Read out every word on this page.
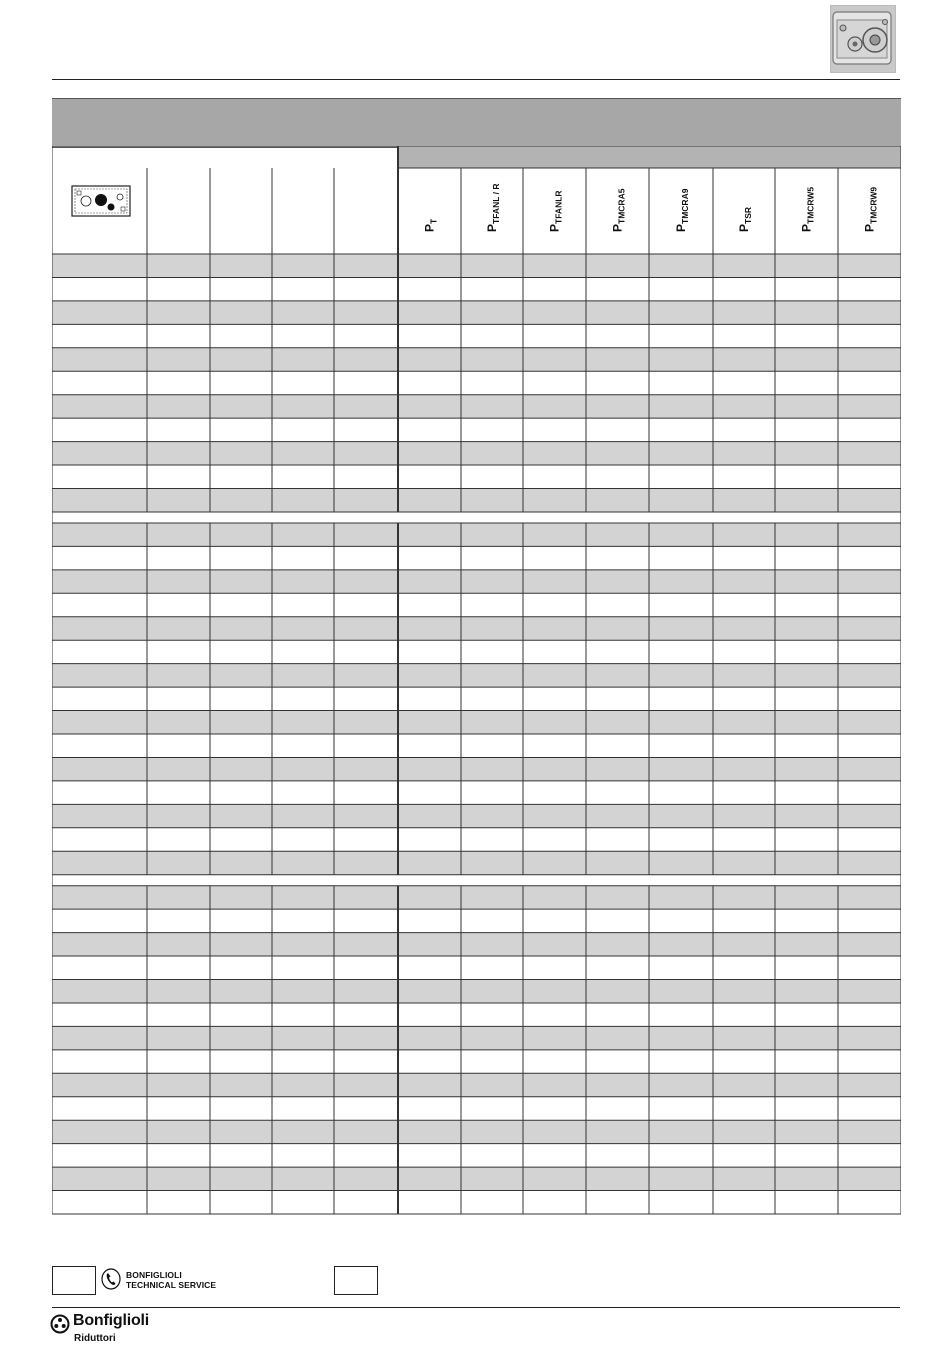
PT
PTFANL / R
PTFANLR
PTMCRA5
PTMCRA9
PTSR
PTMCRW5
PTMCRW9
BONFIGLIOLI
TECHNICAL SERVICE
Bonfiglioli
Riduttori
